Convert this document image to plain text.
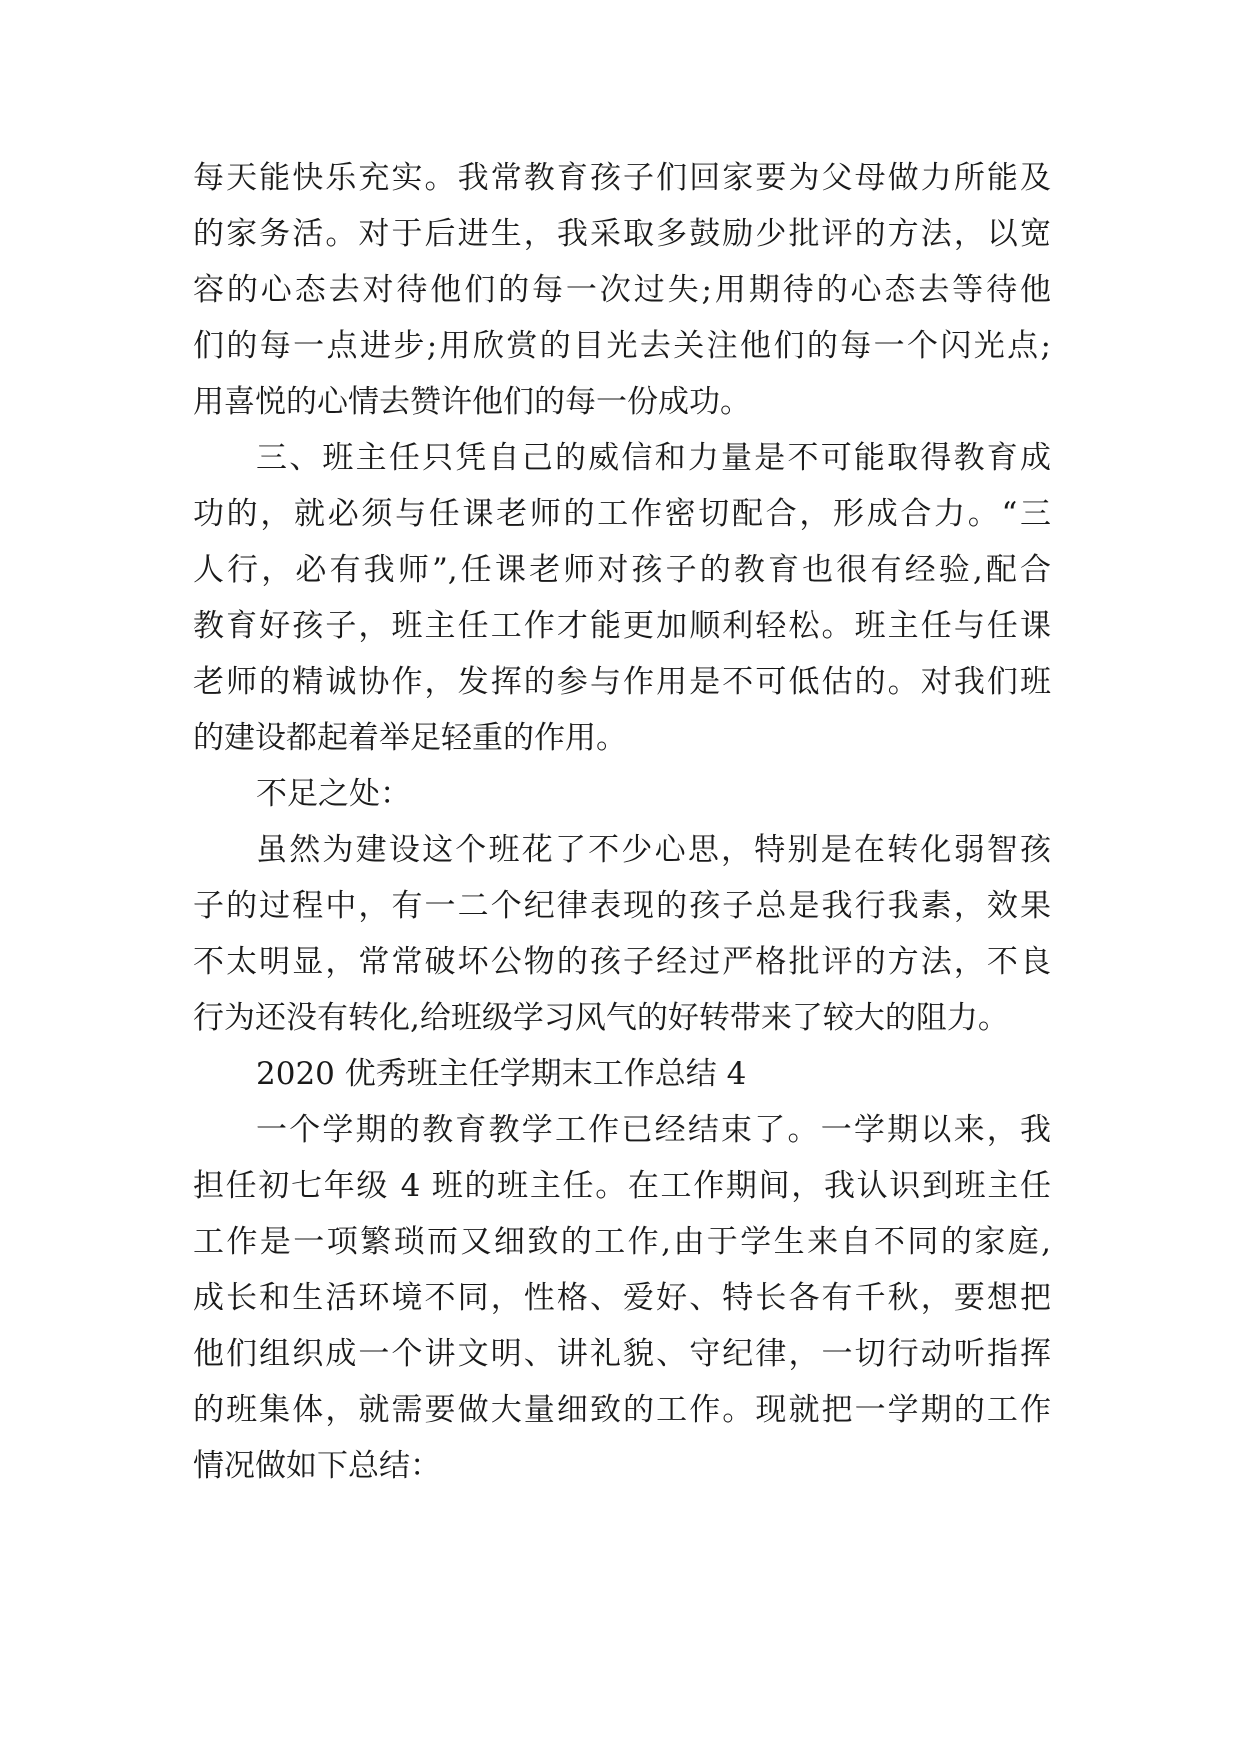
每天能快乐充实。我常教育孩子们回家要为父母做力所能及
的家务活。对于后进生，我采取多鼓励少批评的方法，以宽
容的心态去对待他们的每一次过失;用期待的心态去等待他
们的每一点进步;用欣赏的目光去关注他们的每一个闪光点;
用喜悦的心情去赞许他们的每一份成功。
三、班主任只凭自己的威信和力量是不可能取得教育成
功的，就必须与任课老师的工作密切配合，形成合力。“三
人行，必有我师”,任课老师对孩子的教育也很有经验,配合
教育好孩子，班主任工作才能更加顺利轻松。班主任与任课
老师的精诚协作，发挥的参与作用是不可低估的。对我们班
的建设都起着举足轻重的作用。
不足之处：
虽然为建设这个班花了不少心思，特别是在转化弱智孩
子的过程中，有一二个纪律表现的孩子总是我行我素，效果
不太明显，常常破坏公物的孩子经过严格批评的方法，不良
行为还没有转化,给班级学习风气的好转带来了较大的阻力。
2020 优秀班主任学期末工作总结 4
一个学期的教育教学工作已经结束了。一学期以来，我
担任初七年级 4 班的班主任。在工作期间，我认识到班主任
工作是一项繁琐而又细致的工作,由于学生来自不同的家庭,
成长和生活环境不同，性格、爱好、特长各有千秋，要想把
他们组织成一个讲文明、讲礼貌、守纪律，一切行动听指挥
的班集体，就需要做大量细致的工作。现就把一学期的工作
情况做如下总结：
